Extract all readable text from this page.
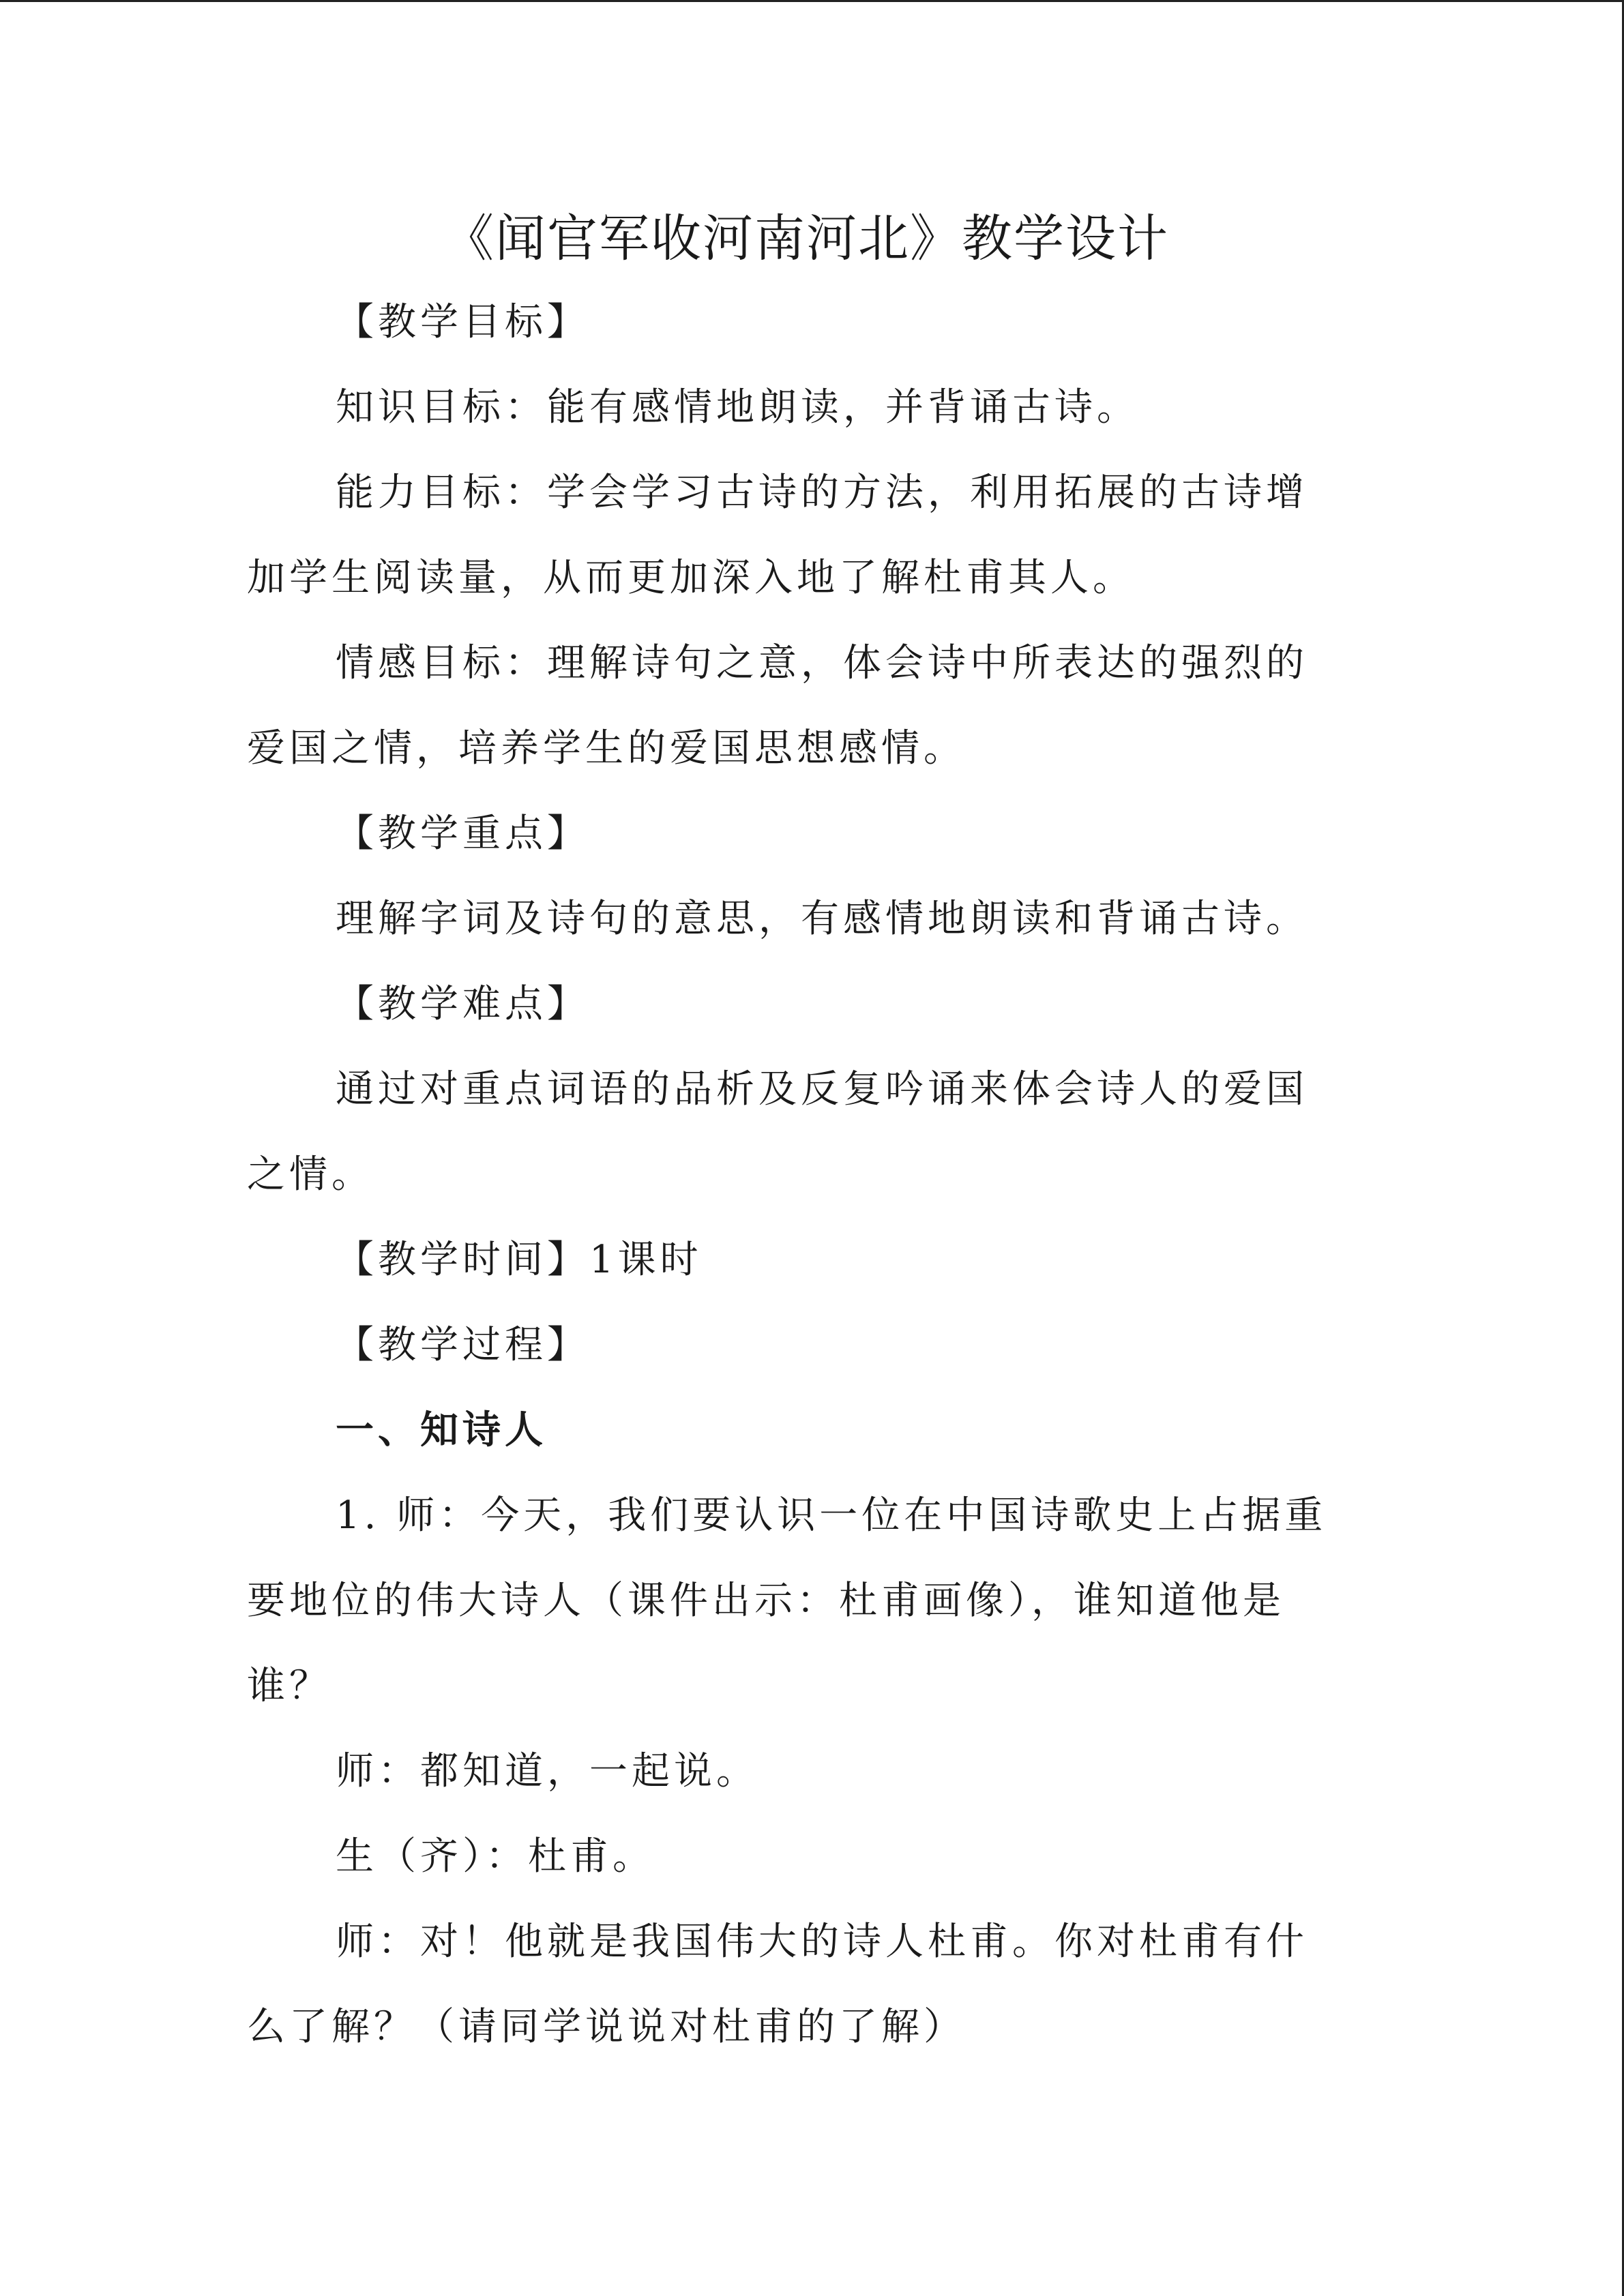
《闻官军收河南河北》教学设计
【教学目标】
知识目标：能有感情地朗读，并背诵古诗。
能力目标：学会学习古诗的方法，利用拓展的古诗增
加学生阅读量，从而更加深入地了解杜甫其人。
情感目标：理解诗句之意，体会诗中所表达的强烈的
爱国之情，培养学生的爱国思想感情。
【教学重点】
理解字词及诗句的意思，有感情地朗读和背诵古诗。
【教学难点】
通过对重点词语的品析及反复吟诵来体会诗人的爱国
之情。
【教学时间】1课时
【教学过程】
一、知诗人
1. 师：今天，我们要认识一位在中国诗歌史上占据重
要地位的伟大诗人（课件出示：杜甫画像），谁知道他是
谁？
师：都知道，一起说。
生（齐）：杜甫。
师：对！他就是我国伟大的诗人杜甫。你对杜甫有什
么了解？（请同学说说对杜甫的了解）
